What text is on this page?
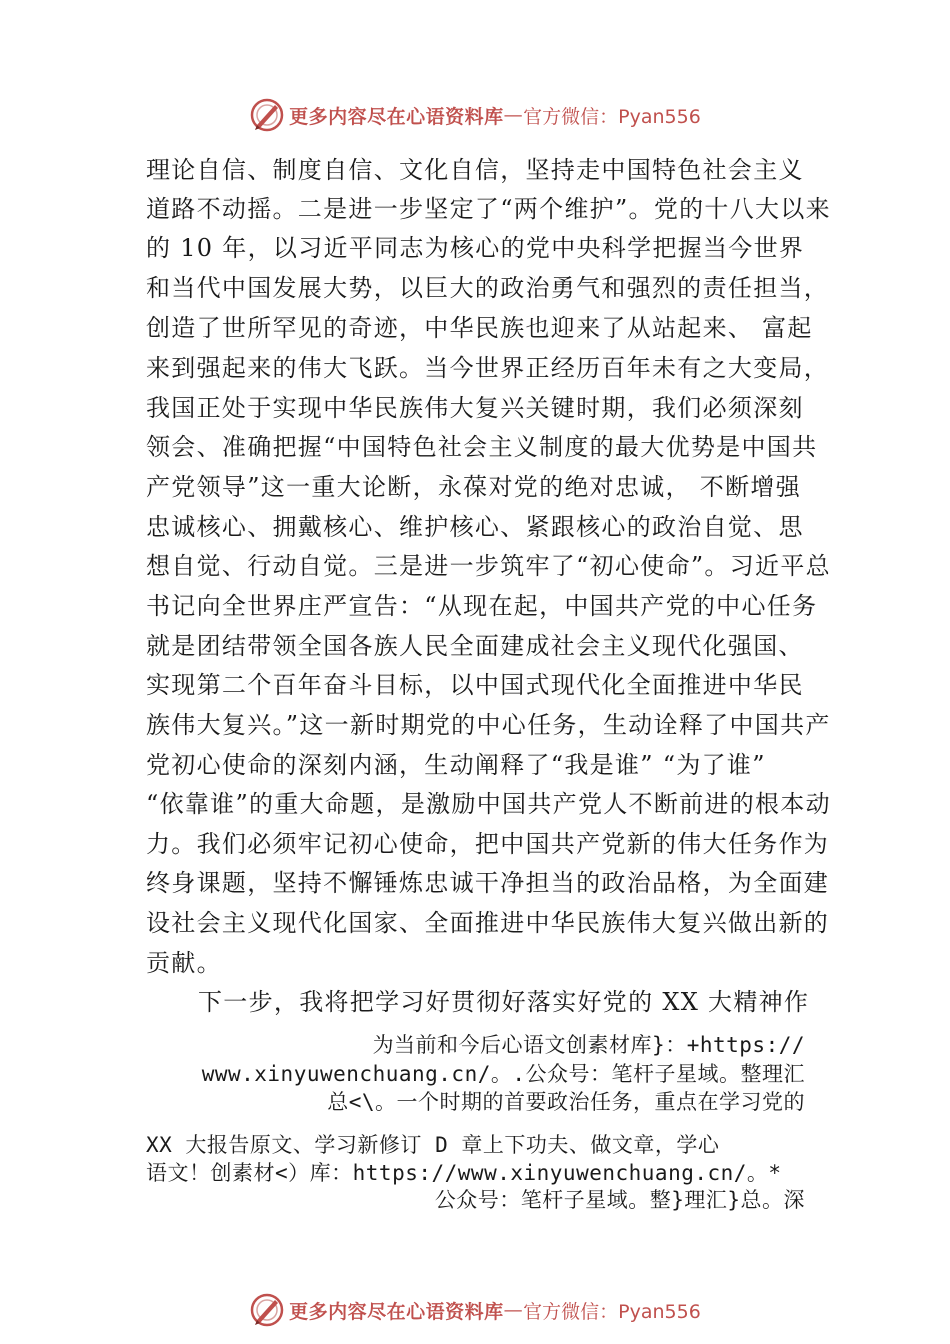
更多内容尽在心语资料库 — 官方微信：Pyan556
理论自信、制度自信、文化自信，坚持走中国特色社会主义
道路不动摇。二是进一步坚定了“两个维护”。党的十八大以来
的 10 年，以习近平同志为核心的党中央科学把握当今世界
和当代中国发展大势，以巨大的政治勇气和强烈的责任担当，
创造了世所罕见的奇迹，中华民族也迎来了从站起来、 富起
来到强起来的伟大飞跃。当今世界正经历百年未有之大变局，
我国正处于实现中华民族伟大复兴关键时期，我们必须深刻
领会、准确把握“中国特色社会主义制度的最大优势是中国共
产党领导”这一重大论断，永葆对党的绝对忠诚， 不断增强
忠诚核心、拥戴核心、维护核心、紧跟核心的政治自觉、思
想自觉、行动自觉。三是进一步筑牢了“初心使命”。习近平总
书记向全世界庄严宣告：“从现在起，中国共产党的中心任务
就是团结带领全国各族人民全面建成社会主义现代化强国、
实现第二个百年奋斗目标，以中国式现代化全面推进中华民
族伟大复兴。”这一新时期党的中心任务，生动诠释了中国共产
党初心使命的深刻内涵，生动阐释了“我是谁” “为了谁”
“依靠谁”的重大命题，是激励中国共产党人不断前进的根本动
力。我们必须牢记初心使命，把中国共产党新的伟大任务作为
终身课题，坚持不懈锤炼忠诚干净担当的政治品格，为全面建
设社会主义现代化国家、全面推进中华民族伟大复兴做出新的
贡献。
下一步，我将把学习好贯彻好落实好党的 XX 大精神作
为当前和今后心语文创素材库}：+https://
www.xinyuwenchuang.cn/。.公众号：笔杆子星域。整理汇
总<\。一个时期的首要政治任务，重点在学习党的
XX 大报告原文、学习新修订 D 章上下功夫、做文章，学心
语文！创素材<）库：https://www.xinyuwenchuang.cn/。*
公众号：笔杆子星域。整}理汇}总。深
更多内容尽在心语资料库 — 官方微信：Pyan556
